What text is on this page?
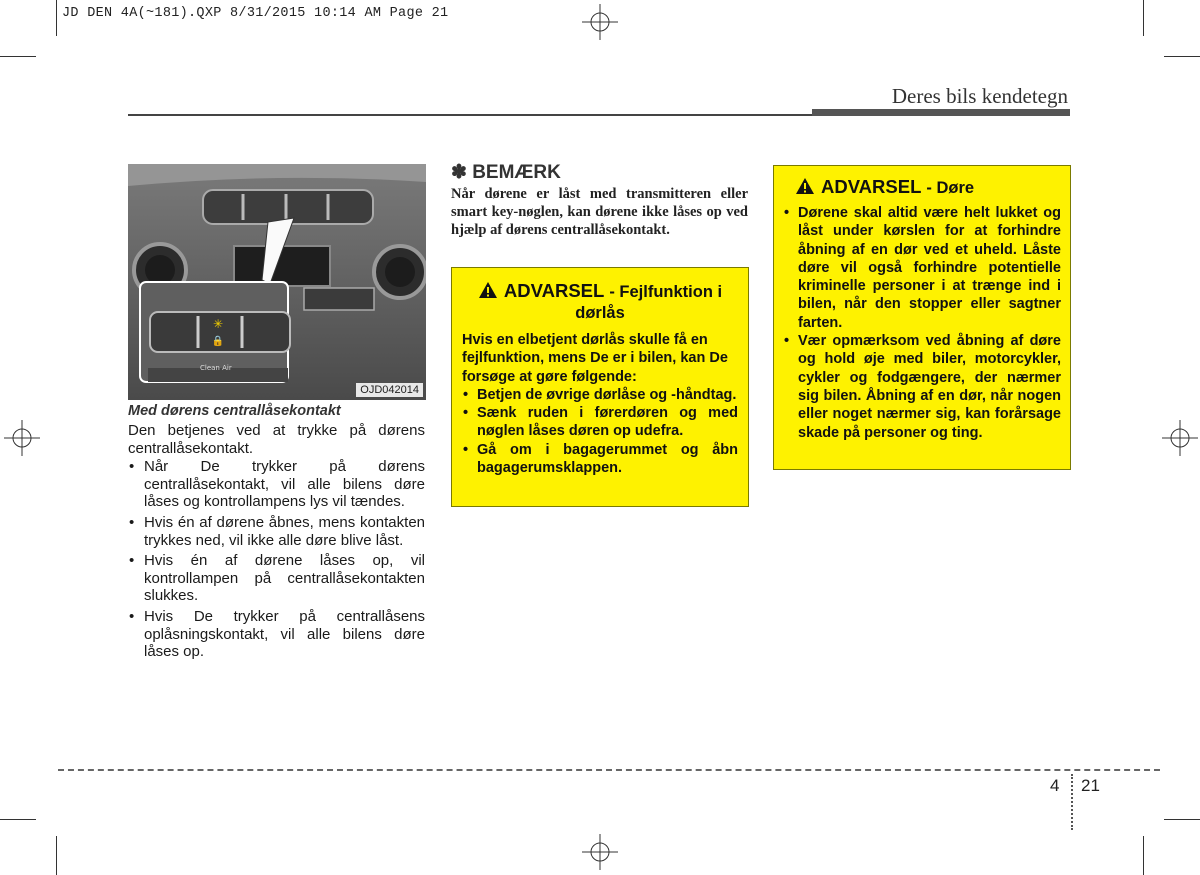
JD DEN 4A(~181).QXP 8/31/2015 10:14 AM Page 21
Deres bils kendetegn
✳
🔒
Clean Air
OJD042014
Med dørens centrallåsekontakt
Den betjenes ved at trykke på dørens centrallåsekontakt.
• Når De trykker på dørens centrallåsekontakt, vil alle bilens døre låses og kontrollampens lys vil tændes.
• Hvis én af dørene åbnes, mens kontakten trykkes ned, vil ikke alle døre blive låst.
• Hvis én af dørene låses op, vil kontrollampen på centrallåsekontakten slukkes.
• Hvis De trykker på centrallåsens oplåsningskontakt, vil alle bilens døre låses op.
✽ BEMÆRK
Når dørene er låst med transmitteren eller smart key-nøglen, kan dørene ikke låses op ved hjælp af dørens centrallåsekontakt.
ADVARSEL - Fejlfunktion i dørlås
Hvis en elbetjent dørlås skulle få en fejlfunktion, mens De er i bilen, kan De forsøge at gøre følgende:
• Betjen de øvrige dørlåse og -håndtag.
• Sænk ruden i førerdøren og med nøglen låses døren op udefra.
• Gå om i bagagerummet og åbn bagagerumsklappen.
ADVARSEL - Døre
• Dørene skal altid være helt lukket og låst under kørslen for at forhindre åbning af en dør ved et uheld. Låste døre vil også forhindre potentielle kriminelle personer i at trænge ind i bilen, når den stopper eller sagtner farten.
• Vær opmærksom ved åbning af døre og hold øje med biler, motorcykler, cykler og fodgængere, der nærmer sig bilen. Åbning af en dør, når nogen eller noget nærmer sig, kan forårsage skade på personer og ting.
4 21
